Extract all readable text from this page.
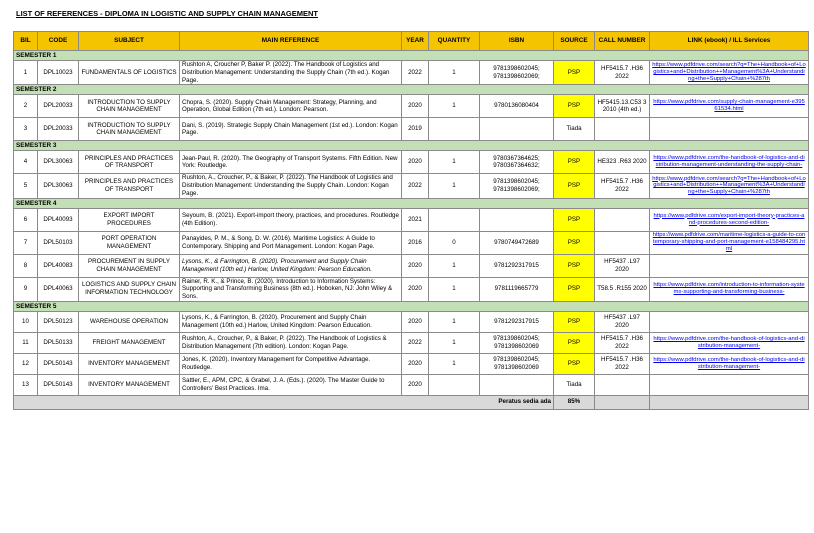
LIST OF REFERENCES - DIPLOMA IN LOGISTIC AND SUPPLY CHAIN MANAGEMENT
BIL	CODE	SUBJECT	MAIN REFERENCE	YEAR	QUANTITY	ISBN	SOURCE	CALL NUMBER	LINK (ebook) / ILL Services
SEMESTER 1									
1	DPL10023	FUNDAMENTALS OF LOGISTICS	Rushton A, Croucher P, Baker P. (2022). The Handbook of Logistics and Distribution Management: Understanding the Supply Chain (7th ed.). Kogan Page.	2022	1	9781398602045; 9781398602069;	PSP	HF5415.7 .H36 2022	https://www.pdfdrive.com/search?q=The+Handbook+of+Logistics+and+Distribution++Management%3A+Understanding+the+Supply+Chain+%287th

SEMESTER 2									
2	DPL20033	INTRODUCTION TO SUPPLY CHAIN MANAGEMENT	Chopra, S. (2020). Supply Chain Management: Strategy, Planning, and Operation, Global Edition (7th ed.). London: Pearson.	2020	1	9780136080404	PSP	HF5415.13.C53 3 2010 (4th ed.)	https://www.pdfdrive.com/supply-chain-management-e39561534.html

3	DPL20033	INTRODUCTION TO SUPPLY CHAIN MANAGEMENT	Dani, S. (2019). Strategic Supply Chain Management (1st ed.). London: Kogan Page.	2019			Tiada		

SEMESTER 3									
4	DPL30063	PRINCIPLES AND PRACTICES OF TRANSPORT	Jean-Paul, R. (2020). The Geography of Transport Systems. Fifth Edition. New York: Routledge.	2020	1	9780367364625; 9780367364632;	PSP	HE323 .R63 2020	https://www.pdfdrive.com/the-handbook-of-logistics-and-distribution-management-understanding-the-supply-chain-

5	DPL30063	PRINCIPLES AND PRACTICES OF TRANSPORT	Rushton, A., Croucher, P., & Baker, P. (2022). The Handbook of Logistics and Distribution Management: Understanding the Supply Chain. London: Kogan Page.	2022	1	9781398602045; 9781398602069;	PSP	HF5415.7 .H36 2022	https://www.pdfdrive.com/search?q=The+Handbook+of+Logistics+and+Distribution++Management%3A+Understanding+the+Supply+Chain+%287th

SEMESTER 4									
6	DPL40093	EXPORT IMPORT PROCEDURES	Seyoum, B. (2021). Export-import theory, practices, and procedures. Routledge (4th Edition).	2021			PSP		https://www.pdfdrive.com/export-import-theory-practices-and-procedures-second-edition-

7	DPL50103	PORT OPERATION MANAGEMENT	Panayides, P. M., & Song, D. W. (2016). Maritime Logistics: A Guide to Contemporary. Shipping and Port Management. London: Kogan Page.	2016	0	9780749472689	PSP		https://www.pdfdrive.com/maritime-logistics-a-guide-to-contemporary-shipping-and-port-management-e158484295.html

8	DPL40083	PROCUREMENT IN SUPPLY CHAIN MANAGEMENT	Lysons, K., & Farrington, B. (2020). Procurement and Supply Chain Management (10th ed.) Harlow, United Kingdom: Pearson Education.	2020	1	9781292317915	PSP	HF5437 .L97 2020	

9	DPL40063	LOGISTICS AND SUPPLY CHAIN INFORMATION TECHNOLOGY	Rainer, R. K., & Prince, B. (2020). Introduction to Information Systems: Supporting and Transforming Business (8th ed.). Hoboken, NJ: John Wiley & Sons.	2020	1	9781119665779	PSP	T58.5 .R155 2020	https://www.pdfdrive.com/introduction-to-information-systems-supporting-and-transforming-business-

SEMESTER 5									
10	DPL50123	WAREHOUSE OPERATION	Lysons, K., & Farrington, B. (2020). Procurement and Supply Chain Management (10th ed.) Harlow, United Kingdom: Pearson Education.	2020	1	9781292317915	PSP	HF5437 .L97 2020	

11	DPL50133	FREIGHT MANAGEMENT	Rushton, A., Croucher, P., & Baker, P. (2022). The Handbook of Logistics & Distribution Management (7th edition). London: Kogan Page.	2022	1	9781398602045; 9781398602069	PSP	HF5415.7 .H36 2022	https://www.pdfdrive.com/the-handbook-of-logistics-and-distribution-management-

12	DPL50143	INVENTORY MANAGEMENT	Jones, K. (2020). Inventory Management for Competitive Advantage. Routledge.	2020	1	9781398602045; 9781398602069	PSP	HF5415.7 .H36 2022	https://www.pdfdrive.com/the-handbook-of-logistics-and-distribution-management-

13	DPL50143	INVENTORY MANAGEMENT	Sattler, E., APM, CPC, & Grabel, J. A. (Eds.). (2020). The Master Guide to Controllers' Best Practices. Ima.	2020			Tiada		

Peratus sedia ada							85%		
